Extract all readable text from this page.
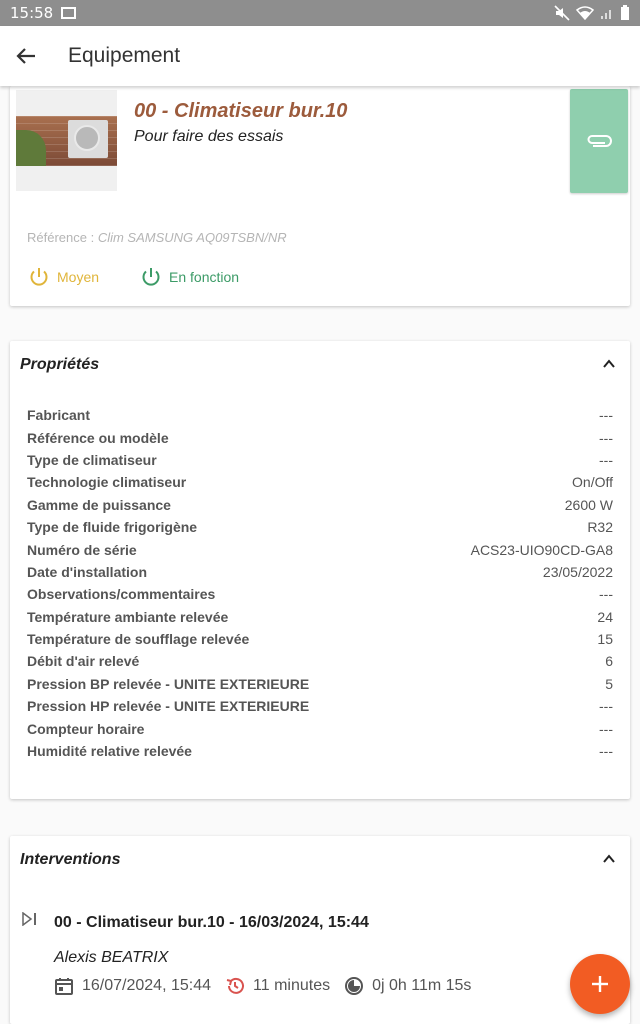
15:58
Equipement
00 - Climatiseur bur.10
Pour faire des essais
Référence : Clim SAMSUNG AQ09TSBN/NR
Moyen	En fonction
Propriétés
Fabricant	---
Référence ou modèle	---
Type de climatiseur	---
Technologie climatiseur	On/Off
Gamme de puissance	2600 W
Type de fluide frigorigène	R32
Numéro de série	ACS23-UIO90CD-GA8
Date d'installation	23/05/2022
Observations/commentaires	---
Température ambiante relevée	24
Température de soufflage relevée	15
Débit d'air relevé	6
Pression BP relevée - UNITE EXTERIEURE	5
Pression HP relevée - UNITE EXTERIEURE	---
Compteur horaire	---
Humidité relative relevée	---
Interventions
00 - Climatiseur bur.10 - 16/03/2024, 15:44
Alexis BEATRIX
16/07/2024, 15:44	11 minutes	0j 0h 11m 15s
